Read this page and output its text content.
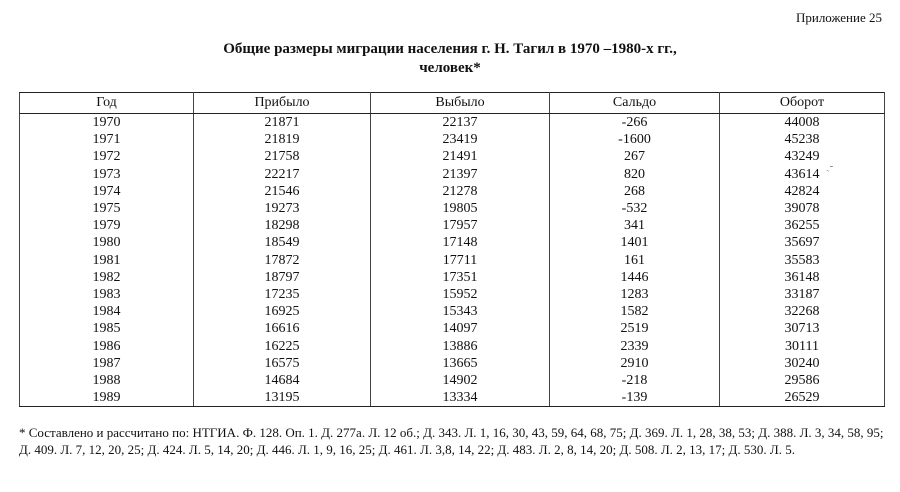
Приложение 25
Общие размеры миграции населения г. Н. Тагил в 1970 –1980-х гг.,
человек*
ˏ-
Год	Прибыло	Выбыло	Сальдо	Оборот
1970	21871	22137	-266	44008
1971	21819	23419	-1600	45238
1972	21758	21491	267	43249
1973	22217	21397	820	43614
1974	21546	21278	268	42824
1975	19273	19805	-532	39078
1979	18298	17957	341	36255
1980	18549	17148	1401	35697
1981	17872	17711	161	35583
1982	18797	17351	1446	36148
1983	17235	15952	1283	33187
1984	16925	15343	1582	32268
1985	16616	14097	2519	30713
1986	16225	13886	2339	30111
1987	16575	13665	2910	30240
1988	14684	14902	-218	29586
1989	13195	13334	-139	26529
* Составлено и рассчитано по: НТГИА. Ф. 128. Оп. 1. Д. 277а. Л. 12 об.; Д. 343. Л. 1, 16, 30, 43, 59, 64, 68, 75; Д. 369. Л. 1, 28, 38, 53; Д. 388. Л. 3, 34, 58, 95; Д. 409. Л. 7, 12, 20, 25; Д. 424. Л. 5, 14, 20; Д. 446. Л. 1, 9, 16, 25; Д. 461. Л. 3,8, 14, 22; Д. 483. Л. 2, 8, 14, 20; Д. 508. Л. 2, 13, 17; Д. 530. Л. 5.
